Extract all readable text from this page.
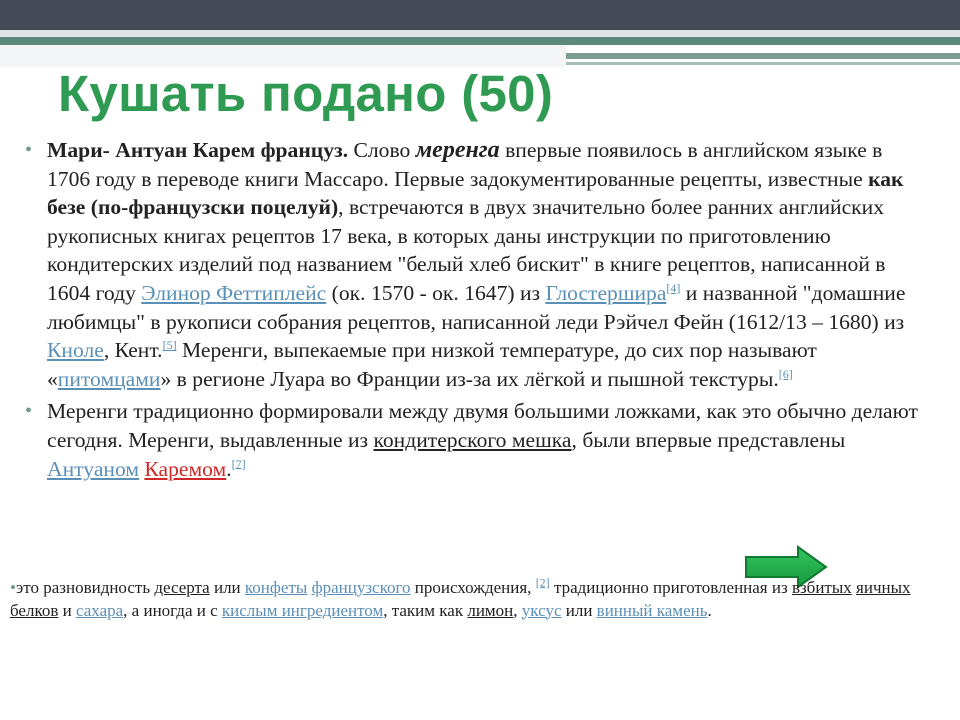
Кушать подано (50)
• Мари- Антуан Карем француз. Слово меренга впервые появилось в английском языке в 1706 году в переводе книги Массаро. Первые задокументированные рецепты, известные как безе (по-французски поцелуй), встречаются в двух значительно более ранних английских рукописных книгах рецептов 17 века, в которых даны инструкции по приготовлению кондитерских изделий под названием "белый хлеб бискит" в книге рецептов, написанной в 1604 году Элинор Феттиплейс (ок. 1570 - ок. 1647) из Глостершира[4] и названной "домашние любимцы" в рукописи собрания рецептов, написанной леди Рэйчел Фейн (1612/13 – 1680) из Кноле, Кент.[5] Меренги, выпекаемые при низкой температуре, до сих пор называют «питомцами» в регионе Луара во Франции из-за их лёгкой и пышной текстуры.[6]
• Меренги традиционно формировали между двумя большими ложками, как это обычно делают сегодня. Меренги, выдавленные из кондитерского мешка, были впервые представлены Антуаном Каремом.[7]

•это разновидность десерта или конфеты французского происхождения, [2] традиционно приготовленная из взбитых яичных белков и сахара, а иногда и с кислым ингредиентом, таким как лимон, уксус или винный камень.
